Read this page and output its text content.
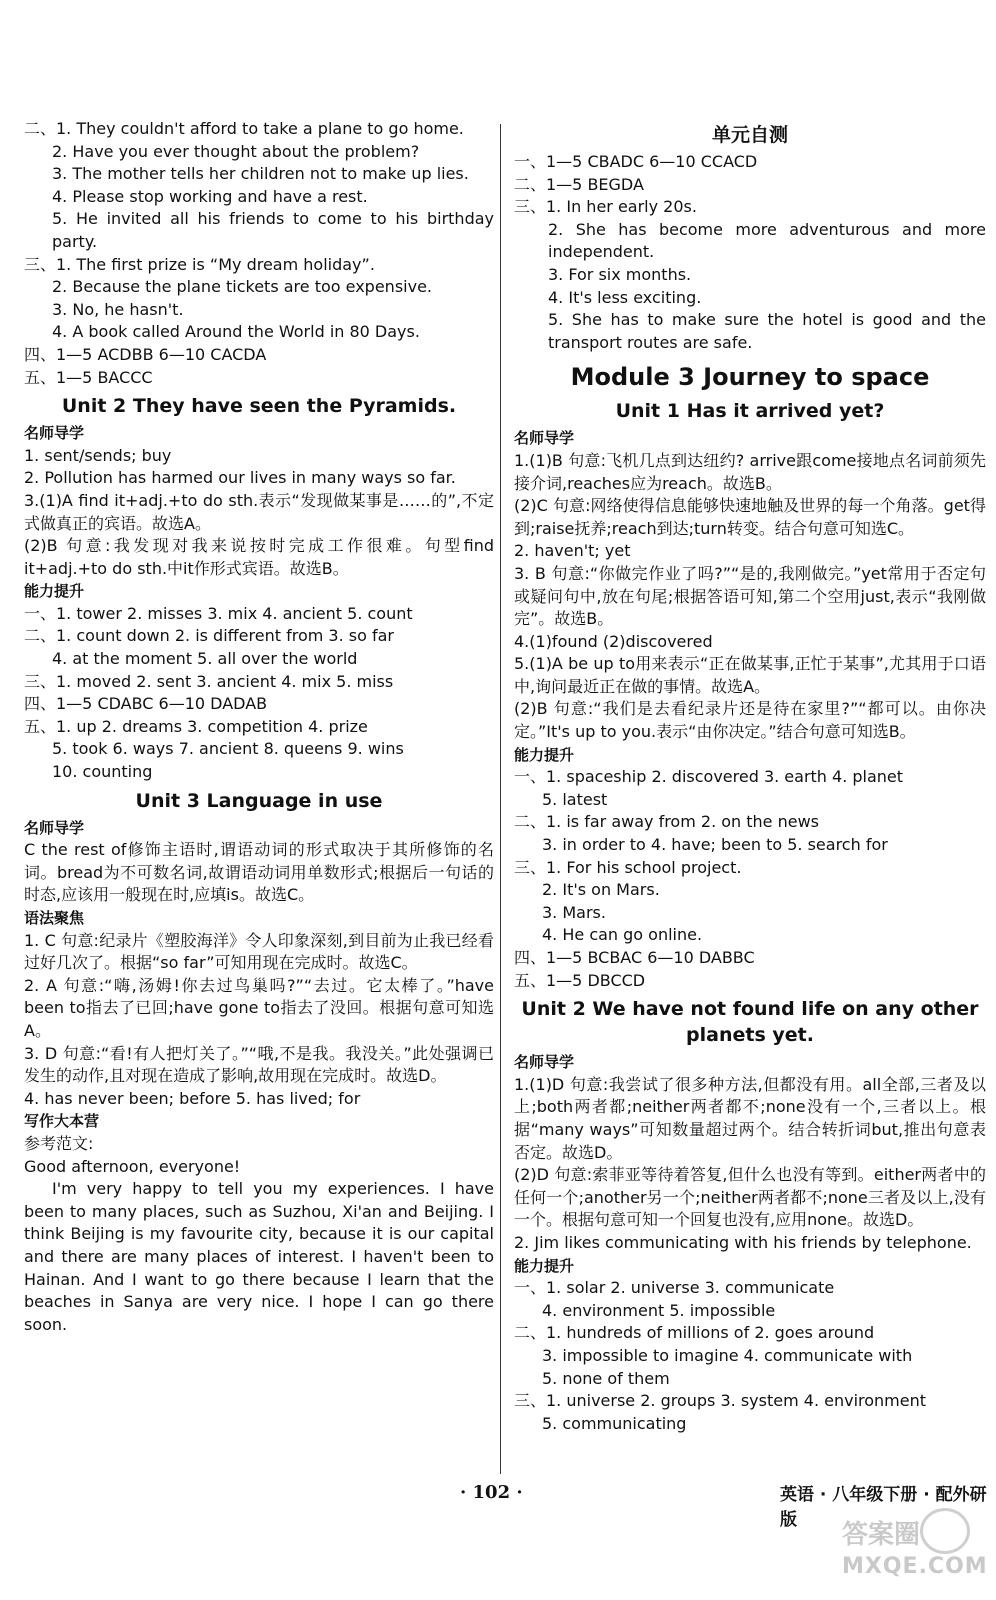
二、1. They couldn't afford to take a plane to go home.
2. Have you ever thought about the problem?
3. The mother tells her children not to make up lies.
4. Please stop working and have a rest.
5. He invited all his friends to come to his birthday party.
三、1. The first prize is “My dream holiday”.
2. Because the plane tickets are too expensive.
3. No, he hasn't.
4. A book called Around the World in 80 Days.
四、1—5 ACDBB 6—10 CACDA
五、1—5 BACCC
Unit 2 They have seen the Pyramids.
名师导学
1. sent/sends; buy
2. Pollution has harmed our lives in many ways so far.
3.(1)A find it+adj.+to do sth.表示“发现做某事是……的”,不定式做真正的宾语。故选A。
(2)B 句意:我发现对我来说按时完成工作很难。句型find it+adj.+to do sth.中it作形式宾语。故选B。
能力提升
一、1. tower 2. misses 3. mix 4. ancient 5. count
二、1. count down 2. is different from 3. so far
4. at the moment 5. all over the world
三、1. moved 2. sent 3. ancient 4. mix 5. miss
四、1—5 CDABC 6—10 DADAB
五、1. up 2. dreams 3. competition 4. prize
5. took 6. ways 7. ancient 8. queens 9. wins
10. counting
Unit 3 Language in use
名师导学
C the rest of修饰主语时,谓语动词的形式取决于其所修饰的名词。bread为不可数名词,故谓语动词用单数形式;根据后一句话的时态,应该用一般现在时,应填is。故选C。
语法聚焦
1. C 句意:纪录片《塑胶海洋》令人印象深刻,到目前为止我已经看过好几次了。根据“so far”可知用现在完成时。故选C。
2. A 句意:“嗨,汤姆!你去过鸟巢吗?”“去过。它太棒了。”have been to指去了已回;have gone to指去了没回。根据句意可知选A。
3. D 句意:“看!有人把灯关了。”“哦,不是我。我没关。”此处强调已发生的动作,且对现在造成了影响,故用现在完成时。故选D。
4. has never been; before 5. has lived; for
写作大本营
参考范文:
Good afternoon, everyone!
I'm very happy to tell you my experiences. I have been to many places, such as Suzhou, Xi'an and Beijing. I think Beijing is my favourite city, because it is our capital and there are many places of interest. I haven't been to Hainan. And I want to go there because I learn that the beaches in Sanya are very nice. I hope I can go there soon.
单元自测
一、1—5 CBADC 6—10 CCACD
二、1—5 BEGDA
三、1. In her early 20s.
2. She has become more adventurous and more independent.
3. For six months.
4. It's less exciting.
5. She has to make sure the hotel is good and the transport routes are safe.
Module 3 Journey to space
Unit 1 Has it arrived yet?
名师导学
1.(1)B 句意:飞机几点到达纽约? arrive跟come接地点名词前须先接介词,reaches应为reach。故选B。
(2)C 句意:网络使得信息能够快速地触及世界的每一个角落。get得到;raise抚养;reach到达;turn转变。结合句意可知选C。
2. haven't; yet
3. B 句意:“你做完作业了吗?”“是的,我刚做完。”yet常用于否定句或疑问句中,放在句尾;根据答语可知,第二个空用just,表示“我刚做完”。故选B。
4.(1)found (2)discovered
5.(1)A be up to用来表示“正在做某事,正忙于某事”,尤其用于口语中,询问最近正在做的事情。故选A。
(2)B 句意:“我们是去看纪录片还是待在家里?”“都可以。由你决定。”It's up to you.表示“由你决定。”结合句意可知选B。
能力提升
一、1. spaceship 2. discovered 3. earth 4. planet
5. latest
二、1. is far away from 2. on the news
3. in order to 4. have; been to 5. search for
三、1. For his school project.
2. It's on Mars.
3. Mars.
4. He can go online.
四、1—5 BCBAC 6—10 DABBC
五、1—5 DBCCD
Unit 2 We have not found life on any other planets yet.
名师导学
1.(1)D 句意:我尝试了很多种方法,但都没有用。all全部,三者及以上;both两者都;neither两者都不;none没有一个,三者以上。根据“many ways”可知数量超过两个。结合转折词but,推出句意表否定。故选D。
(2)D 句意:索菲亚等待着答复,但什么也没有等到。either两者中的任何一个;another另一个;neither两者都不;none三者及以上,没有一个。根据句意可知一个回复也没有,应用none。故选D。
2. Jim likes communicating with his friends by telephone.
能力提升
一、1. solar 2. universe 3. communicate
4. environment 5. impossible
二、1. hundreds of millions of 2. goes around
3. impossible to imagine 4. communicate with
5. none of them
三、1. universe 2. groups 3. system 4. environment
5. communicating
· 102 ·	英语 · 八年级下册 · 配外研版	答案圈
MXQE.COM
